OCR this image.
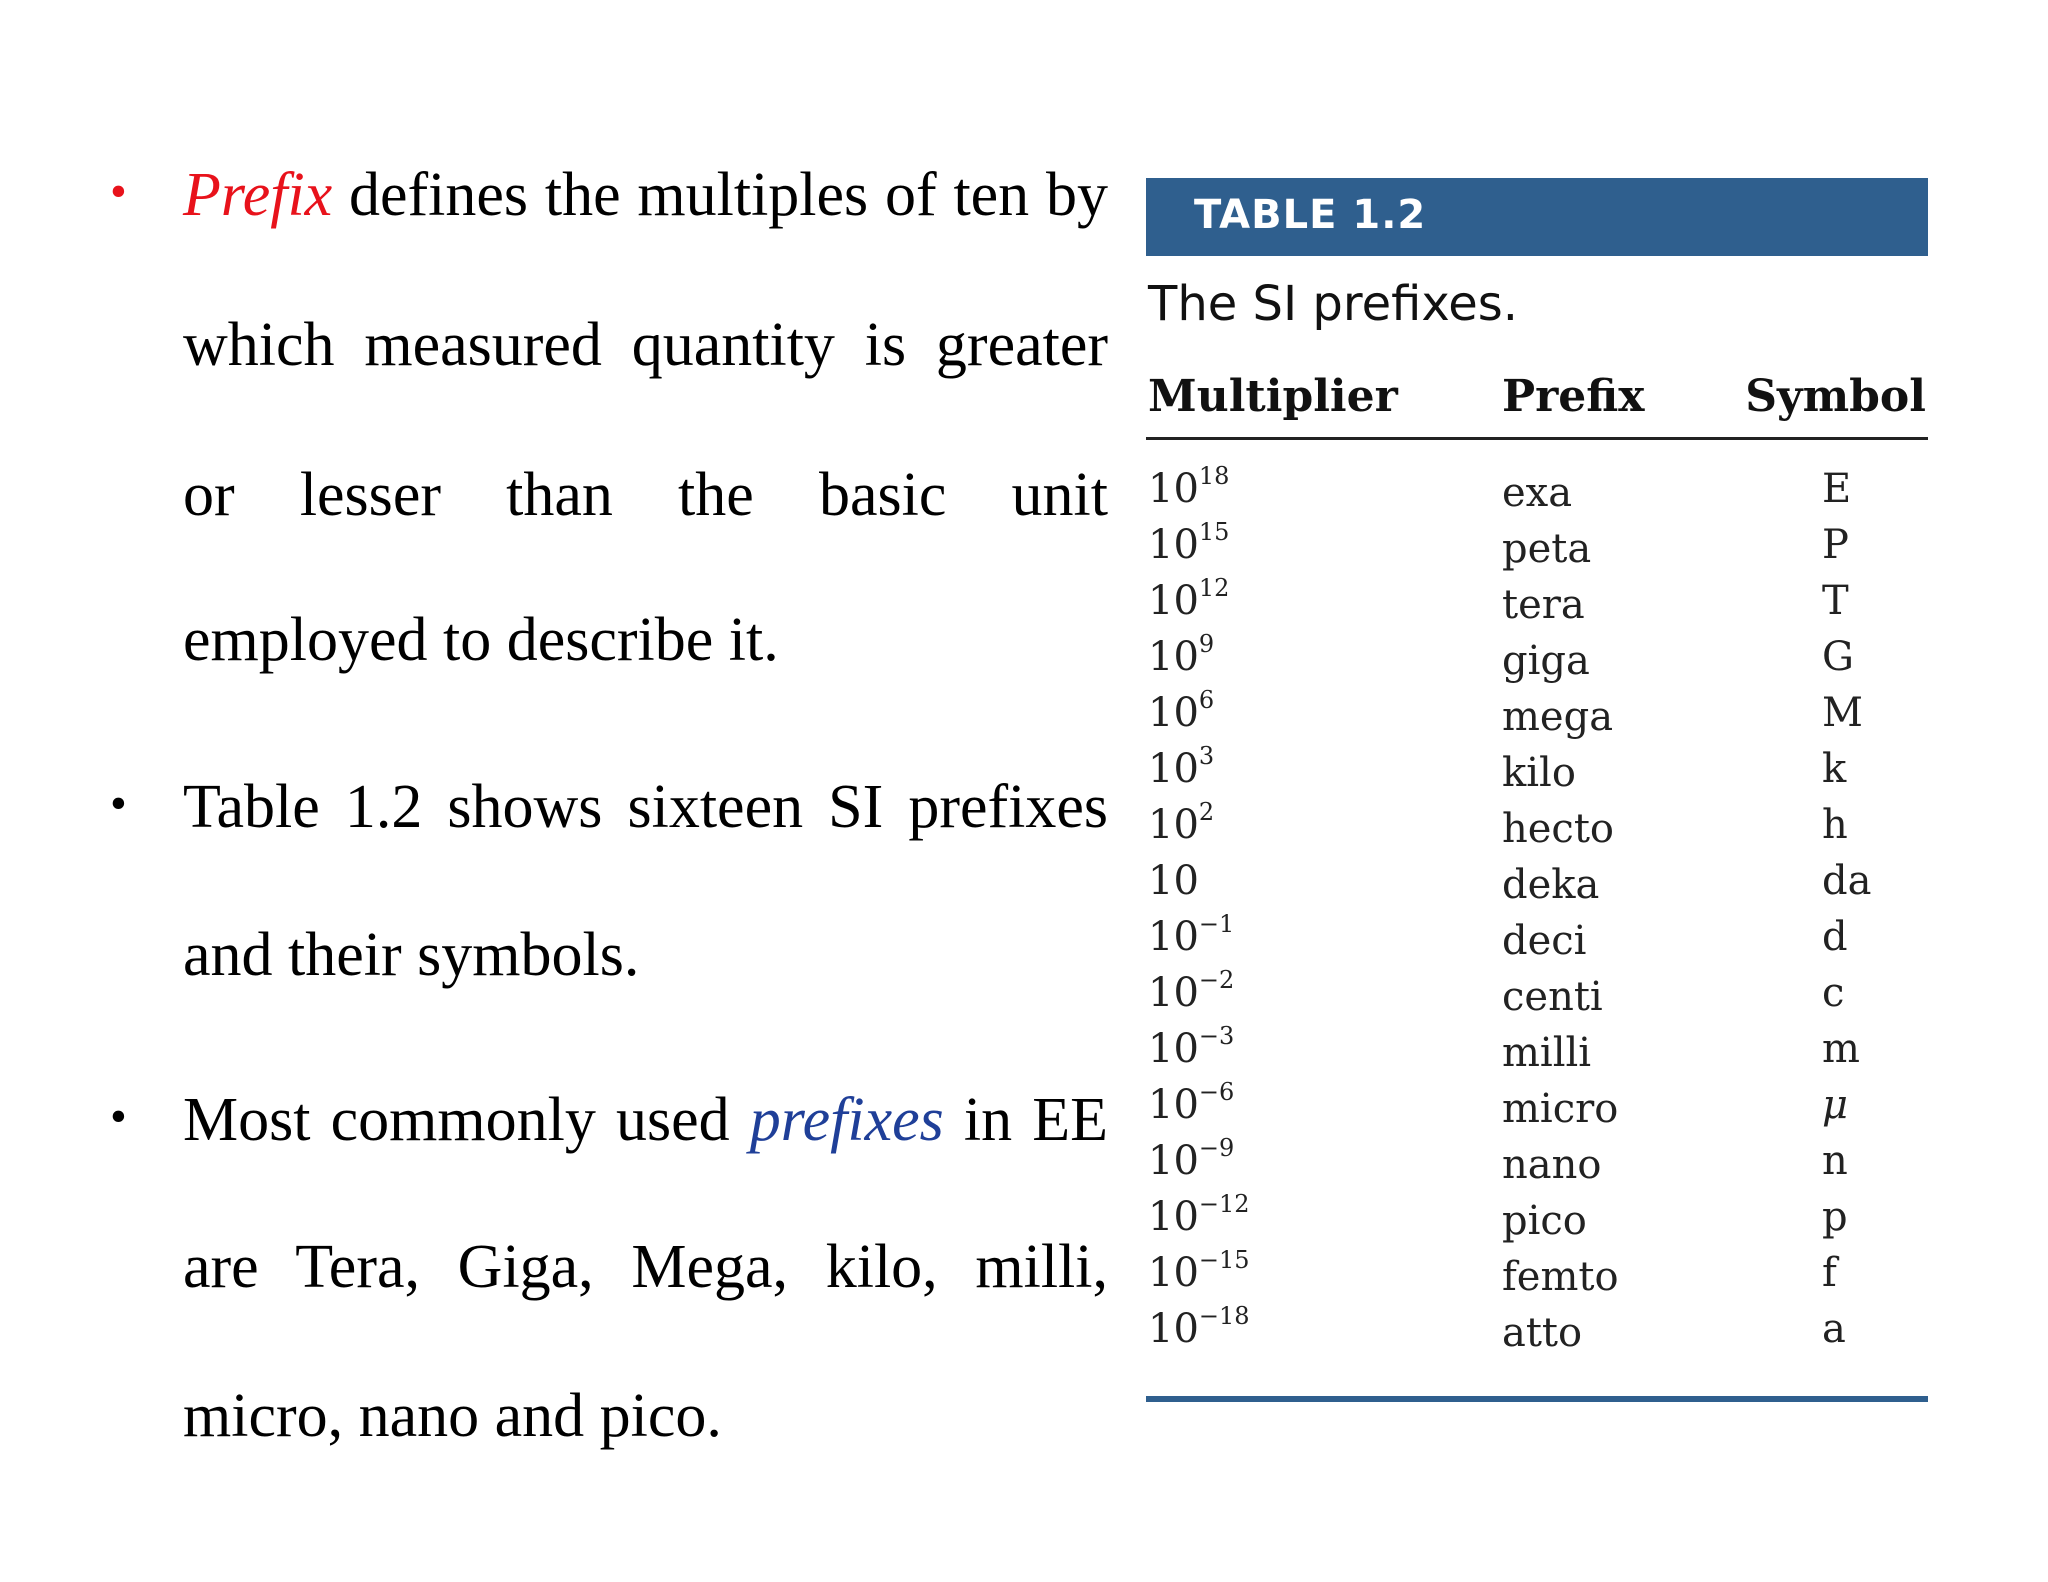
• Prefix defines the multiples of ten by
which measured quantity is greater
or lesser than the basic unit
employed to describe it.
• Table 1.2 shows sixteen SI prefixes
and their symbols.
• Most commonly used prefixes in EE
are Tera, Giga, Mega, kilo, milli,
micro, nano and pico.
TABLE 1.2
The SI prefixes.
Multiplier Prefix Symbol
$10^{18}$	exa	E
$10^{15}$	peta	P
$10^{12}$	tera	T
$10^9$	giga	G
$10^6$	mega	M
$10^3$	kilo	k
$10^2$	hecto	h
10	deka	da
$10^{-1}$	deci	d
$10^{-2}$	centi	c
$10^{-3}$	milli	m
$10^{-6}$	micro	μ
$10^{-9}$	nano	n
$10^{-12}$	pico	p
$10^{-15}$	femto	f
$10^{-18}$	atto	a
